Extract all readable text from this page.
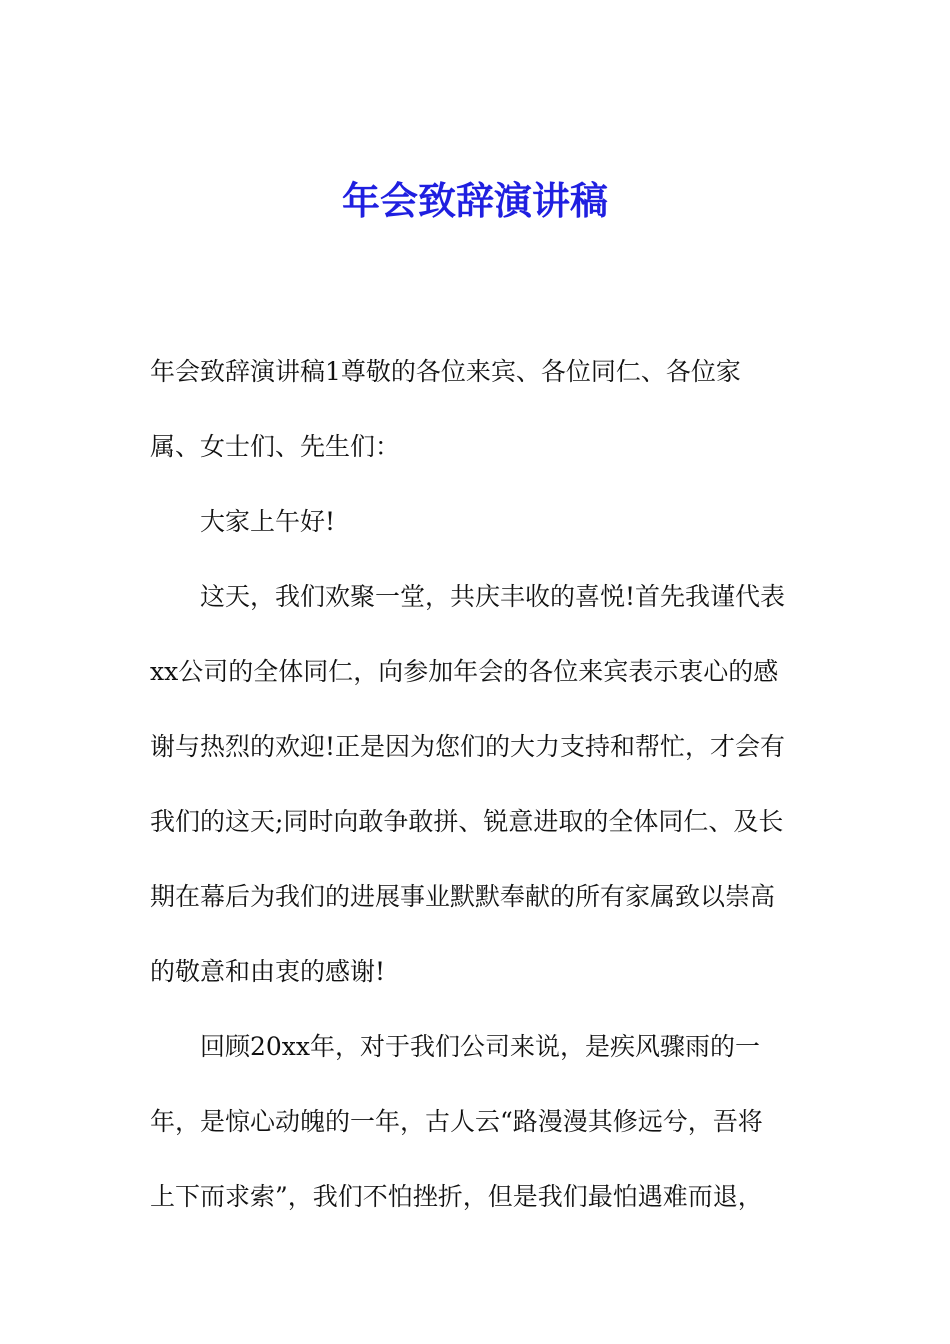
年会致辞演讲稿

年会致辞演讲稿1尊敬的各位来宾、各位同仁、各位家
属、女士们、先生们：

大家上午好!

这天，我们欢聚一堂，共庆丰收的喜悦!首先我谨代表
xx公司的全体同仁，向参加年会的各位来宾表示衷心的感
谢与热烈的欢迎!正是因为您们的大力支持和帮忙，才会有
我们的这天;同时向敢争敢拼、锐意进取的全体同仁、及长
期在幕后为我们的进展事业默默奉献的所有家属致以崇高
的敬意和由衷的感谢!

回顾20xx年，对于我们公司来说，是疾风骤雨的一
年，是惊心动魄的一年，古人云“路漫漫其修远兮，吾将
上下而求索”，我们不怕挫折，但是我们最怕遇难而退，
